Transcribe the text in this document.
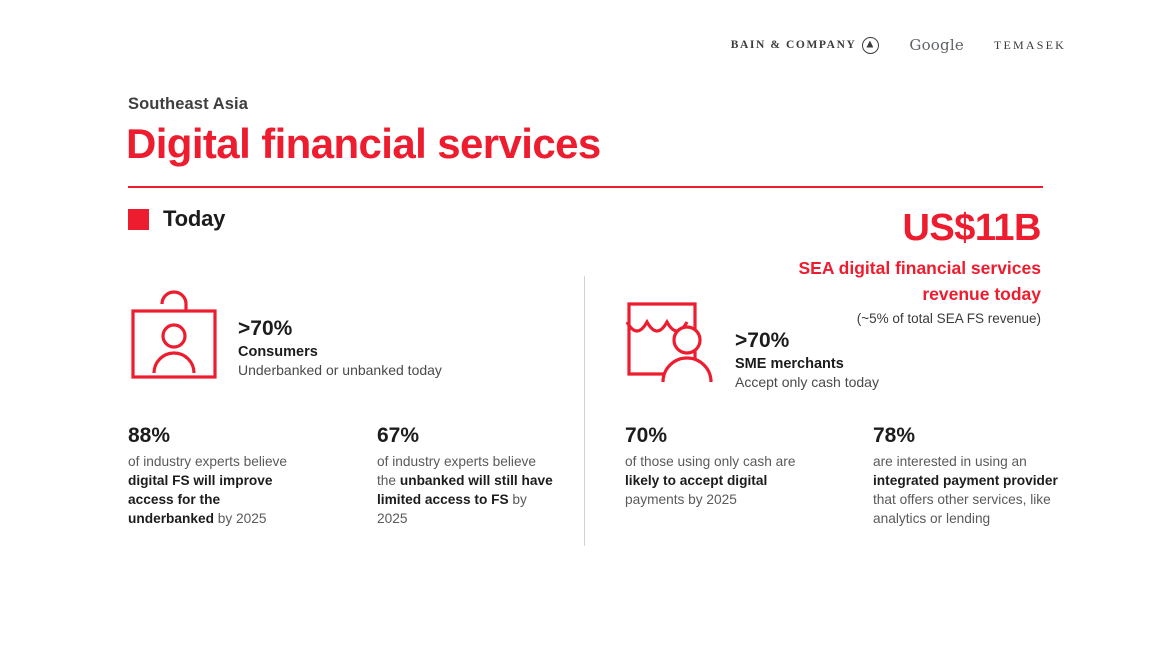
BAIN & COMPANY	Google	TEMASEK
Southeast Asia
Digital financial services
Today	US$11B
SEA digital financial services
revenue today
(~5% of total SEA FS revenue)
>70%
Consumers
Underbanked or unbanked today
>70%
SME merchants
Accept only cash today
88%
of industry experts believe digital FS will improve access for the underbanked by 2025
67%
of industry experts believe the unbanked will still have limited access to FS by 2025
70%
of those using only cash are likely to accept digital payments by 2025
78%
are interested in using an integrated payment provider that offers other services, like analytics or lending
